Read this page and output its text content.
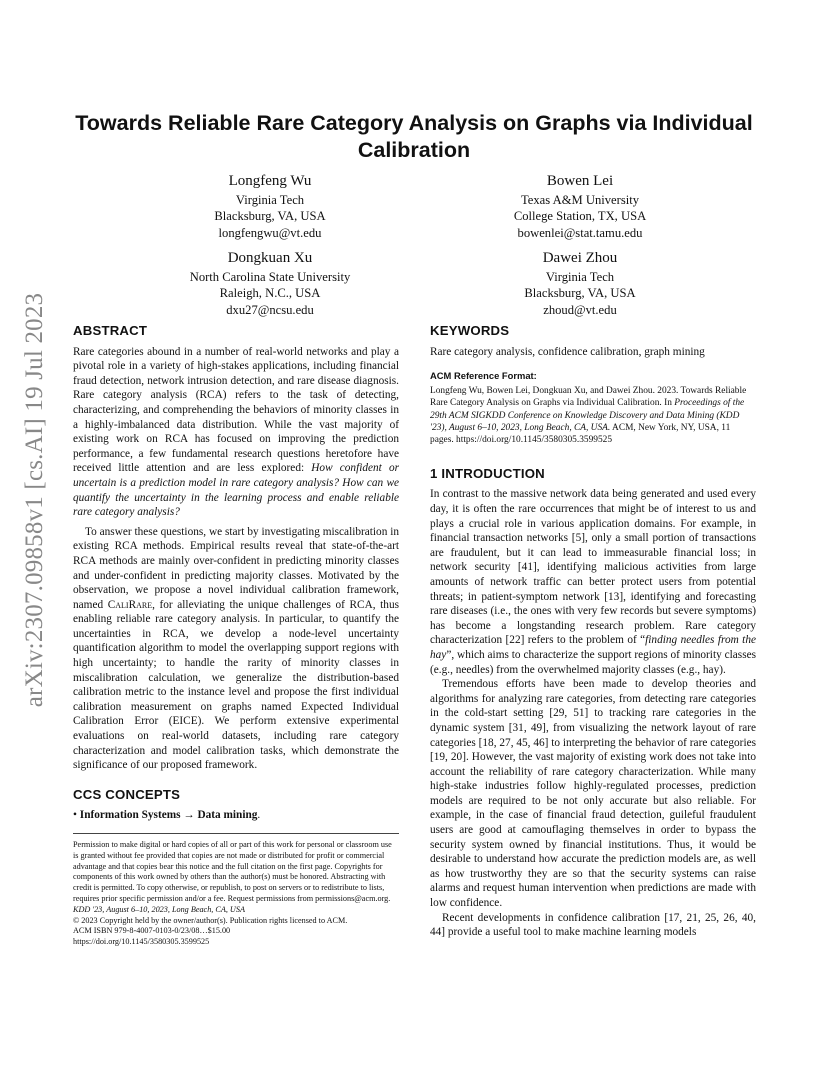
arXiv:2307.09858v1 [cs.AI] 19 Jul 2023
Towards Reliable Rare Category Analysis on Graphs via Individual Calibration
Longfeng Wu
Virginia Tech
Blacksburg, VA, USA
longfengwu@vt.edu
Bowen Lei
Texas A&M University
College Station, TX, USA
bowenlei@stat.tamu.edu
Dongkuan Xu
North Carolina State University
Raleigh, N.C., USA
dxu27@ncsu.edu
Dawei Zhou
Virginia Tech
Blacksburg, VA, USA
zhoud@vt.edu
ABSTRACT

Rare categories abound in a number of real-world networks and play a pivotal role in a variety of high-stakes applications, including financial fraud detection, network intrusion detection, and rare disease diagnosis. Rare category analysis (RCA) refers to the task of detecting, characterizing, and comprehending the behaviors of minority classes in a highly-imbalanced data distribution. While the vast majority of existing work on RCA has focused on improving the prediction performance, a few fundamental research questions heretofore have received little attention and are less explored: How confident or uncertain is a prediction model in rare category analysis? How can we quantify the uncertainty in the learning process and enable reliable rare category analysis?

To answer these questions, we start by investigating miscalibration in existing RCA methods. Empirical results reveal that state-of-the-art RCA methods are mainly over-confident in predicting minority classes and under-confident in predicting majority classes. Motivated by the observation, we propose a novel individual calibration framework, named CaliRare, for alleviating the unique challenges of RCA, thus enabling reliable rare category analysis. In particular, to quantify the uncertainties in RCA, we develop a node-level uncertainty quantification algorithm to model the overlapping support regions with high uncertainty; to handle the rarity of minority classes in miscalibration calculation, we generalize the distribution-based calibration metric to the instance level and propose the first individual calibration measurement on graphs named Expected Individual Calibration Error (EICE). We perform extensive experimental evaluations on real-world datasets, including rare category characterization and model calibration tasks, which demonstrate the significance of our proposed framework.

CCS CONCEPTS

• Information Systems → Data mining.

Permission to make digital or hard copies of all or part of this work for personal or classroom use is granted without fee provided that copies are not made or distributed for profit or commercial advantage and that copies bear this notice and the full citation on the first page. Copyrights for components of this work owned by others than the author(s) must be honored. Abstracting with credit is permitted. To copy otherwise, or republish, to post on servers or to redistribute to lists, requires prior specific permission and/or a fee. Request permissions from permissions@acm.org.

KDD '23, August 6–10, 2023, Long Beach, CA, USA

© 2023 Copyright held by the owner/author(s). Publication rights licensed to ACM.

ACM ISBN 979-8-4007-0103-0/23/08…$15.00

https://doi.org/10.1145/3580305.3599525

KEYWORDS

Rare category analysis, confidence calibration, graph mining

ACM Reference Format:

Longfeng Wu, Bowen Lei, Dongkuan Xu, and Dawei Zhou. 2023. Towards Reliable Rare Category Analysis on Graphs via Individual Calibration. In Proceedings of the 29th ACM SIGKDD Conference on Knowledge Discovery and Data Mining (KDD '23), August 6–10, 2023, Long Beach, CA, USA. ACM, New York, NY, USA, 11 pages. https://doi.org/10.1145/3580305.3599525

1 INTRODUCTION

In contrast to the massive network data being generated and used every day, it is often the rare occurrences that might be of interest to us and plays a crucial role in various application domains. For example, in financial transaction networks [5], only a small portion of transactions are fraudulent, but it can lead to immeasurable financial loss; in network security [41], identifying malicious activities from large amounts of network traffic can better protect users from potential threats; in patient-symptom network [13], identifying and forecasting rare diseases (i.e., the ones with very few records but severe symptoms) has become a longstanding research problem. Rare category characterization [22] refers to the problem of “finding needles from the hay”, which aims to characterize the support regions of minority classes (e.g., needles) from the overwhelmed majority classes (e.g., hay).

Tremendous efforts have been made to develop theories and algorithms for analyzing rare categories, from detecting rare categories in the cold-start setting [29, 51] to tracking rare categories in the dynamic system [31, 49], from visualizing the network layout of rare categories [18, 27, 45, 46] to interpreting the behavior of rare categories [19, 20]. However, the vast majority of existing work does not take into account the reliability of rare category characterization. While many high-stake industries follow highly-regulated processes, prediction models are required to be not only accurate but also reliable. For example, in the case of financial fraud detection, guileful fraudulent users are good at camouflaging themselves in order to bypass the security system owned by financial institutions. Thus, it would be desirable to understand how accurate the prediction models are, as well as how trustworthy they are so that the security systems can raise alarms and request human intervention when predictions are made with low confidence.

Recent developments in confidence calibration [17, 21, 25, 26, 40, 44] provide a useful tool to make machine learning models
